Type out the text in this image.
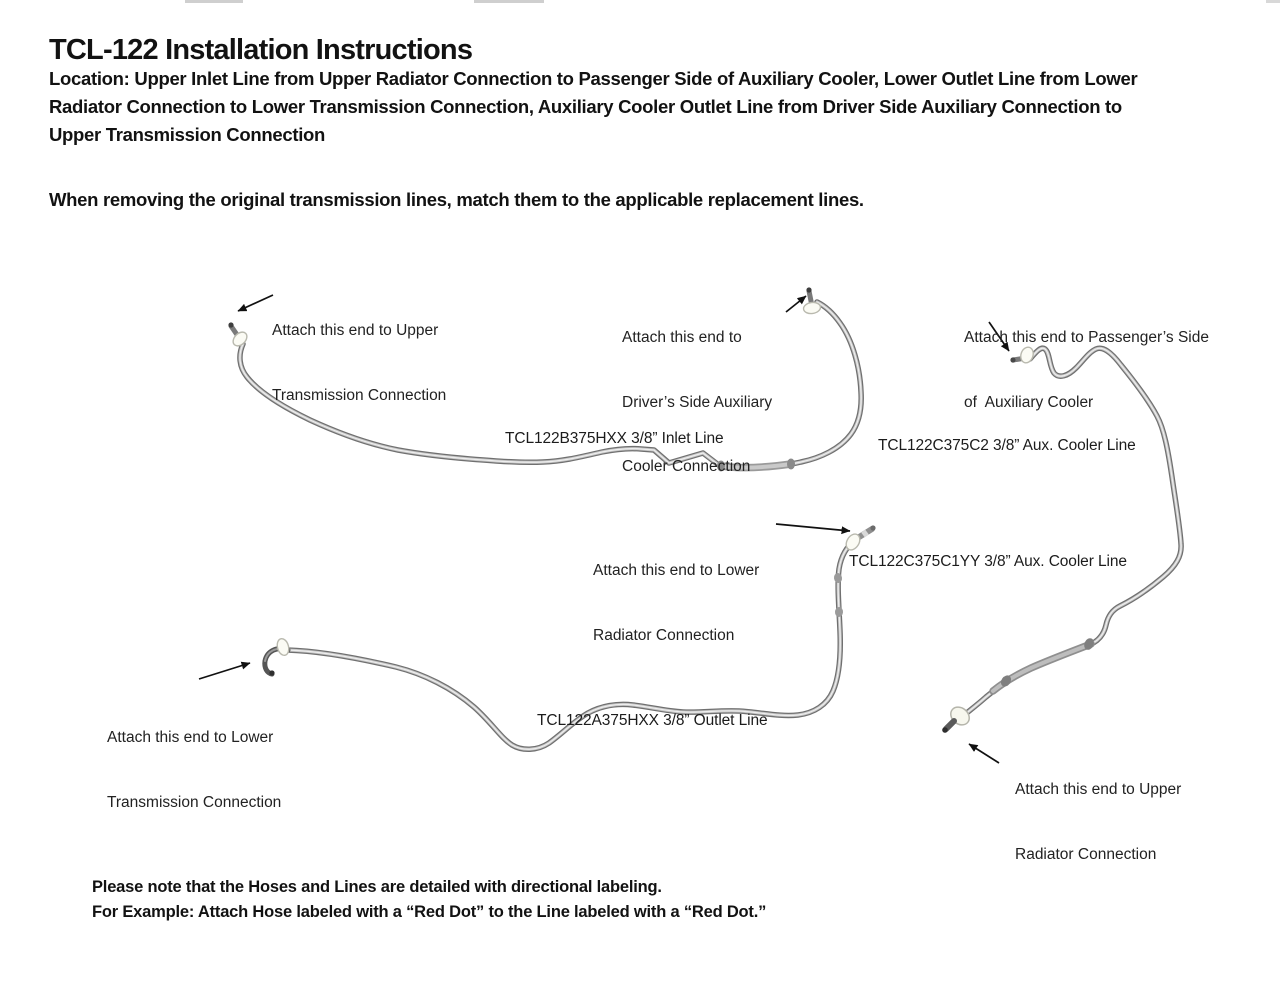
TCL-122 Installation Instructions
Location: Upper Inlet Line from Upper Radiator Connection to Passenger Side of Auxiliary Cooler, Lower Outlet Line from Lower
Radiator Connection to Lower Transmission Connection, Auxiliary Cooler Outlet Line from Driver Side Auxiliary Connection to
Upper Transmission Connection
When removing the original transmission lines, match them to the applicable replacement lines.

Attach this end to Upper

Transmission Connection

Attach this end to

Driver’s Side Auxiliary

Cooler Connection

Attach this end to Passenger’s Side

of  Auxiliary Cooler

Attach this end to Lower

Radiator Connection

Attach this end to Lower

Transmission Connection

Attach this end to Upper

Radiator Connection

TCL122B375HXX 3/8” Inlet Line	TCL122C375C2 3/8” Aux. Cooler Line
TCL122C375C1YY 3/8” Aux. Cooler Line
TCL122A375HXX 3/8” Outlet Line
Please note that the Hoses and Lines are detailed with directional labeling.
For Example: Attach Hose labeled with a “Red Dot” to the Line labeled with a “Red Dot.”
